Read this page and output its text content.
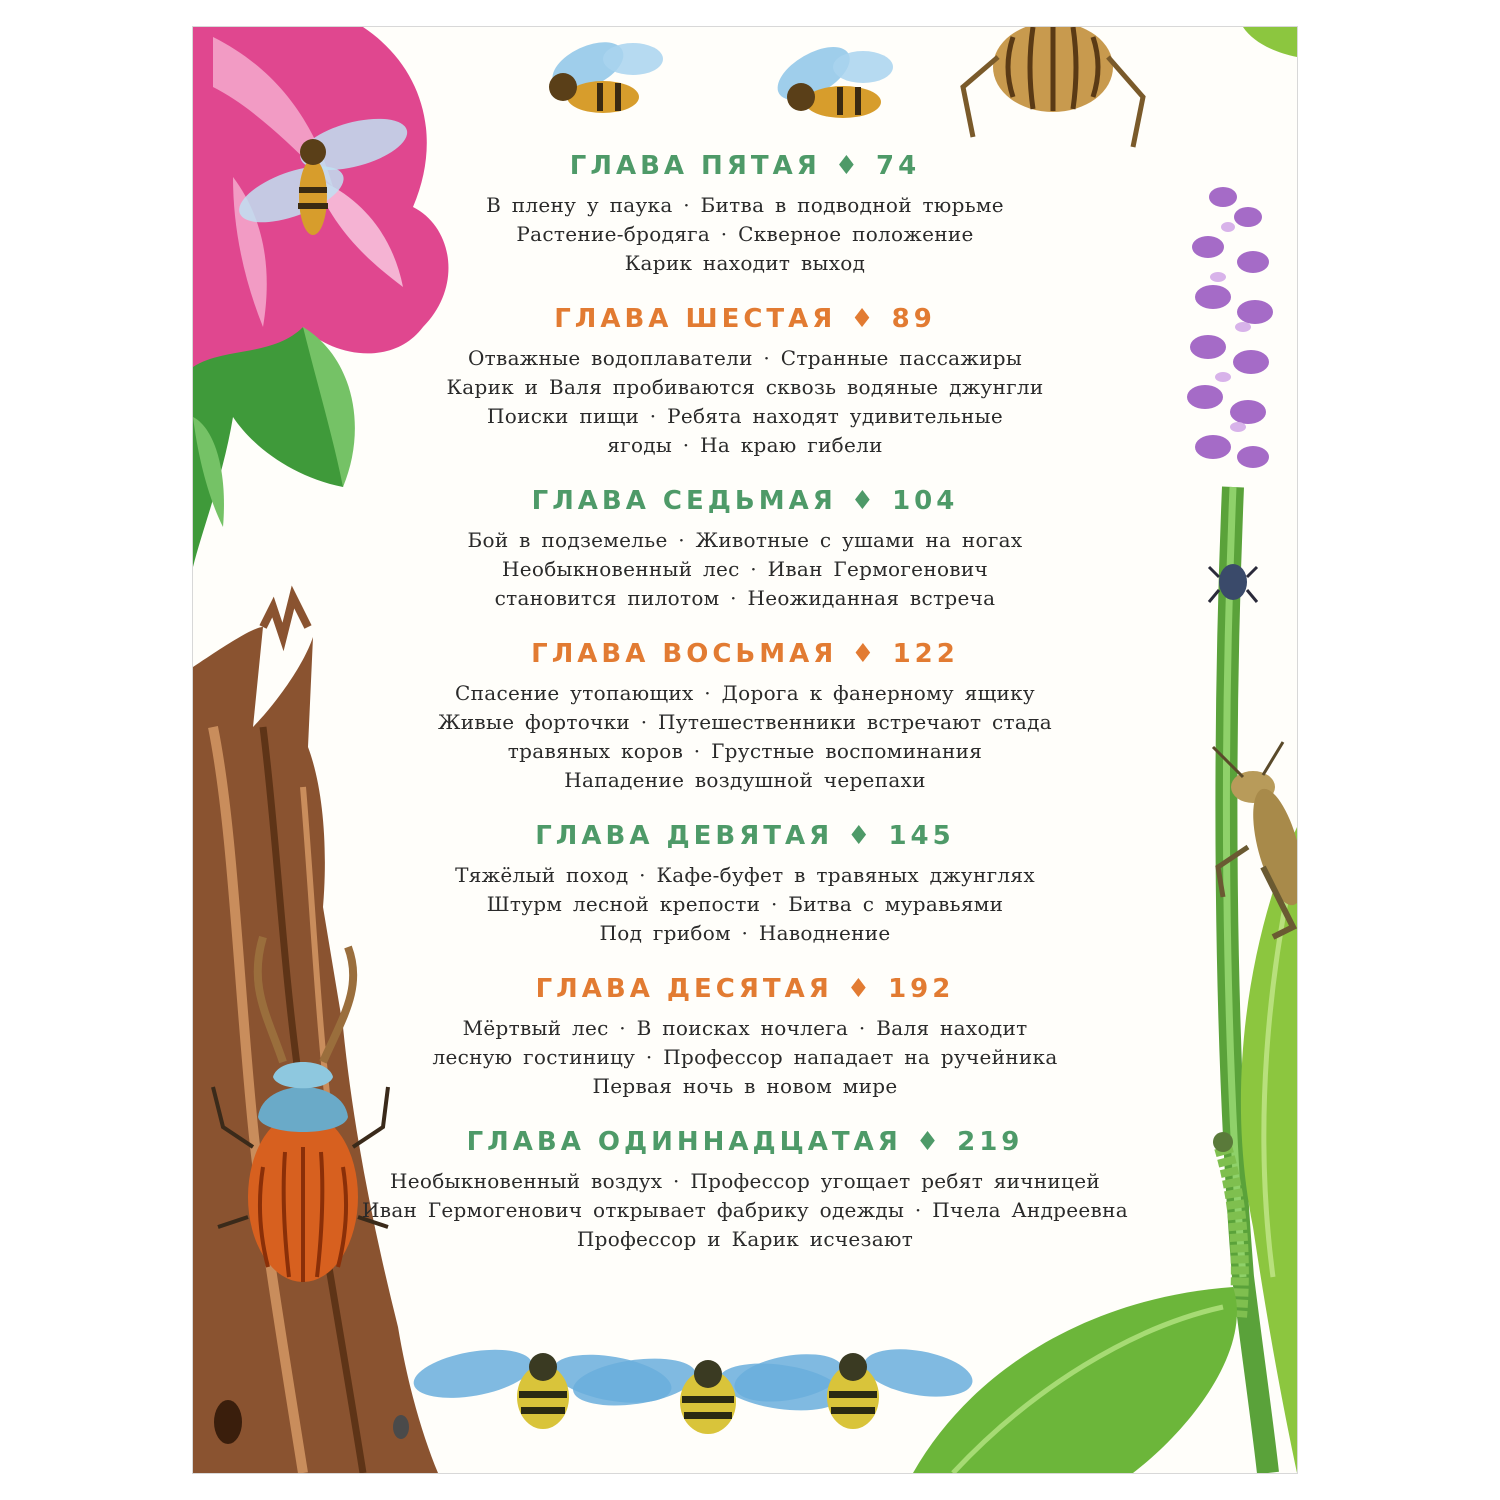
ГЛАВА ПЯТАЯ ♦ 74
В плену у паука · Битва в подводной тюрьме
Растение-бродяга · Скверное положение
Карик находит выход
ГЛАВА ШЕСТАЯ ♦ 89
Отважные водоплаватели · Странные пассажиры
Карик и Валя пробиваются сквозь водяные джунгли
Поиски пищи · Ребята находят удивительные
ягоды · На краю гибели
ГЛАВА СЕДЬМАЯ ♦ 104
Бой в подземелье · Животные с ушами на ногах
Необыкновенный лес · Иван Гермогенович
становится пилотом · Неожиданная встреча
ГЛАВА ВОСЬМАЯ ♦ 122
Спасение утопающих · Дорога к фанерному ящику
Живые форточки · Путешественники встречают стада
травяных коров · Грустные воспоминания
Нападение воздушной черепахи
ГЛАВА ДЕВЯТАЯ ♦ 145
Тяжёлый поход · Кафе-буфет в травяных джунглях
Штурм лесной крепости · Битва с муравьями
Под грибом · Наводнение
ГЛАВА ДЕСЯТАЯ ♦ 192
Мёртвый лес · В поисках ночлега · Валя находит
лесную гостиницу · Профессор нападает на ручейника
Первая ночь в новом мире
ГЛАВА ОДИННАДЦАТАЯ ♦ 219
Необыкновенный воздух · Профессор угощает ребят яичницей
Иван Гермогенович открывает фабрику одежды · Пчела Андреевна
Профессор и Карик исчезают
